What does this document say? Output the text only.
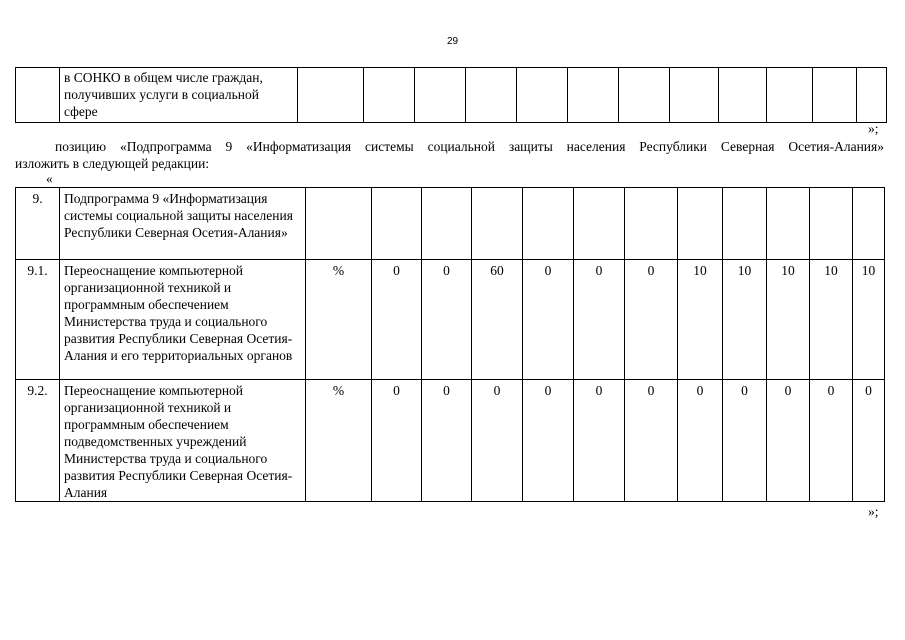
29
	в СОНКО в общем числе граждан, получивших услуги в социальной сфере												
»;
позицию «Подпрограмма 9 «Информатизация системы социальной защиты населения Республики Северная Осетия-Алания»
изложить в следующей редакции:
«
9.	Подпрограмма 9 «Информатизация системы социальной защиты населения Республики Северная Осетия-Алания»												
9.1.	Переоснащение компьютерной организационной техникой и программным обеспечением Министерства труда и социального развития Республики Северная Осетия-Алания и его территориальных органов	%	0	0	60	0	0	0	10	10	10	10	10
9.2.	Переоснащение компьютерной организационной техникой и программным обеспечением подведомственных учреждений Министерства труда и социального развития Республики Северная Осетия-Алания	%	0	0	0	0	0	0	0	0	0	0	0
»;
